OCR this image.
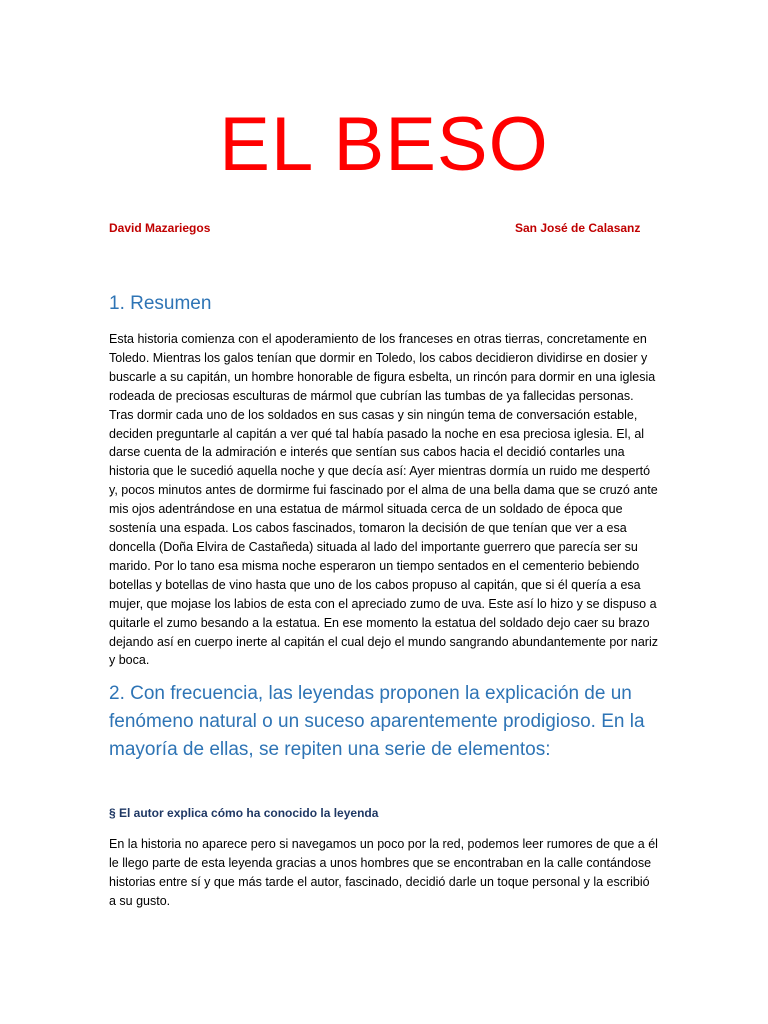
EL BESO
David Mazariegos	San José de Calasanz
1. Resumen

Esta historia comienza con el apoderamiento de los franceses en otras tierras, concretamente en Toledo. Mientras los galos tenían que dormir en Toledo, los cabos decidieron dividirse en dosier y buscarle a su capitán, un hombre honorable de figura esbelta, un rincón para dormir en una iglesia rodeada de preciosas esculturas de mármol que cubrían las tumbas de ya fallecidas personas. Tras dormir cada uno de los soldados en sus casas y sin ningún tema de conversación estable, deciden preguntarle al capitán a ver qué tal había pasado la noche en esa preciosa iglesia. El, al darse cuenta de la admiración e interés que sentían sus cabos hacia el decidió contarles una historia que le sucedió aquella noche y que decía así: Ayer mientras dormía un ruido me despertó y, pocos minutos antes de dormirme fui fascinado por el alma de una bella dama que se cruzó ante mis ojos adentrándose en una estatua de mármol situada cerca de un soldado de época que sostenía una espada. Los cabos fascinados, tomaron la decisión de que tenían que ver a esa doncella (Doña Elvira de Castañeda) situada al lado del importante guerrero que parecía ser su marido. Por lo tano esa misma noche esperaron un tiempo sentados en el cementerio bebiendo botellas y botellas de vino hasta que uno de los cabos propuso al capitán, que si él quería a esa mujer, que mojase los labios de esta con el apreciado zumo de uva. Este así lo hizo y se dispuso a quitarle el zumo besando a la estatua. En ese momento la estatua del soldado dejo caer su brazo dejando así en cuerpo inerte al capitán el cual dejo el mundo sangrando abundantemente por nariz y boca.

2. Con frecuencia, las leyendas proponen la explicación de un fenómeno natural o un suceso aparentemente prodigioso. En la mayoría de ellas, se repiten una serie de elementos:
§ El autor explica cómo ha conocido la leyenda

En la historia no aparece pero si navegamos un poco por la red, podemos leer rumores de que a él le llego parte de esta leyenda gracias a unos hombres que se encontraban en la calle contándose historias entre sí y que más tarde el autor, fascinado, decidió darle un toque personal y la escribió a su gusto.
